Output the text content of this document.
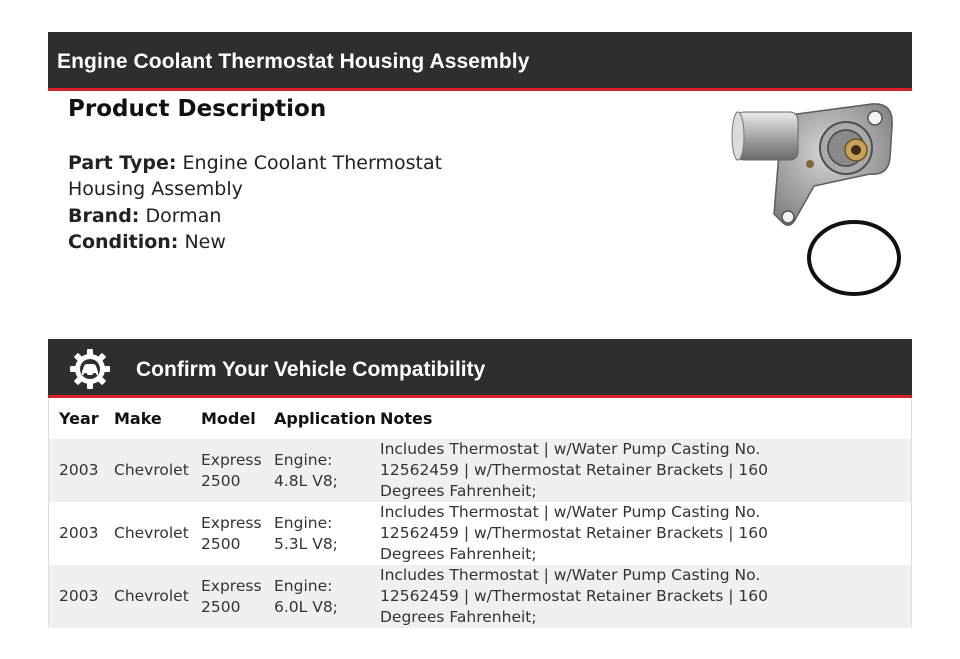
Engine Coolant Thermostat Housing Assembly
Product Description
Part Type: Engine Coolant Thermostat Housing Assembly
Brand: Dorman
Condition: New
Confirm Your Vehicle Compatibility
Year	Make	Model	Application	Notes
2003	Chevrolet	Express 2500	Engine: 4.8L V8;	Includes Thermostat | w/Water Pump Casting No. 12562459 | w/Thermostat Retainer Brackets | 160 Degrees Fahrenheit;
2003	Chevrolet	Express 2500	Engine: 5.3L V8;	Includes Thermostat | w/Water Pump Casting No. 12562459 | w/Thermostat Retainer Brackets | 160 Degrees Fahrenheit;
2003	Chevrolet	Express 2500	Engine: 6.0L V8;	Includes Thermostat | w/Water Pump Casting No. 12562459 | w/Thermostat Retainer Brackets | 160 Degrees Fahrenheit;
